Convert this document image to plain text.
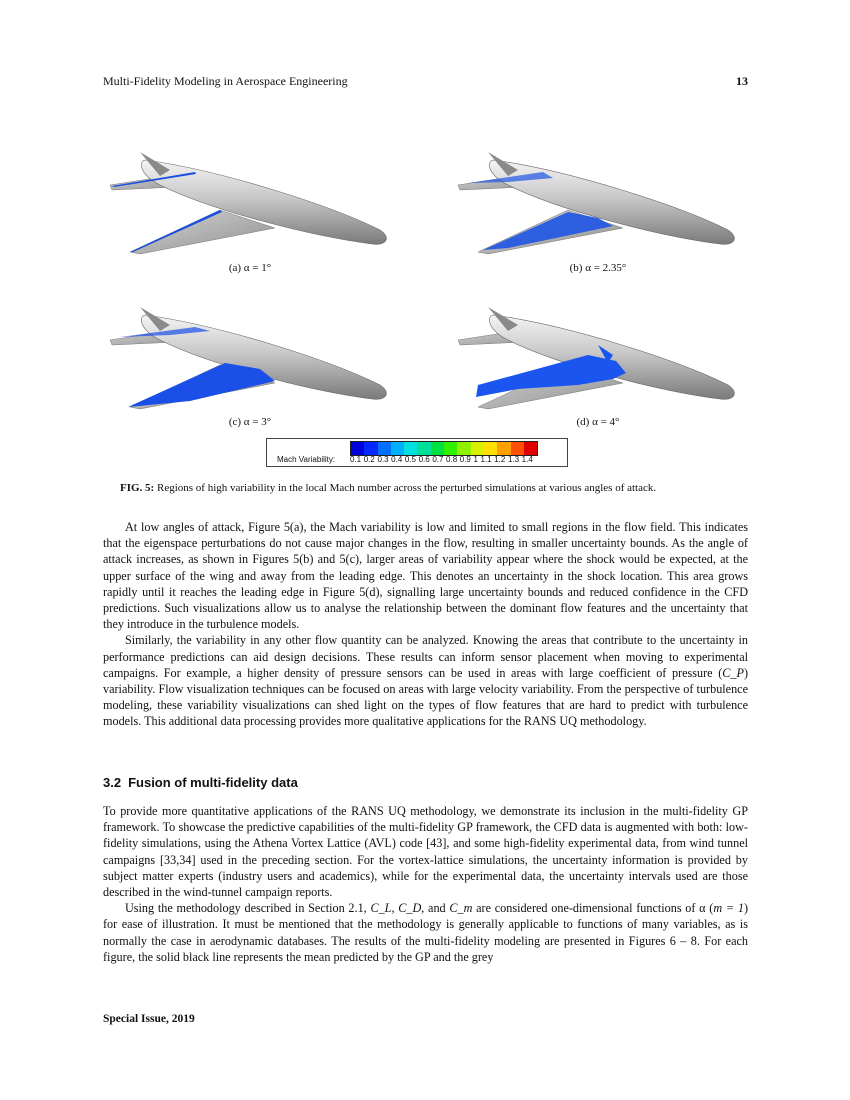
Multi-Fidelity Modeling in Aerospace Engineering	13
(a) α = 1°	(b) α = 2.35°
(c) α = 3°	(d) α = 4°
Mach Variability: 0.1 0.2 0.3 0.4 0.5 0.6 0.7 0.8 0.9 1 1.1 1.2 1.3 1.4
FIG. 5: Regions of high variability in the local Mach number across the perturbed simulations at various angles of attack.

At low angles of attack, Figure 5(a), the Mach variability is low and limited to small regions in the flow field. This indicates that the eigenspace perturbations do not cause major changes in the flow, resulting in smaller uncertainty bounds. As the angle of attack increases, as shown in Figures 5(b) and 5(c), larger areas of variability appear where the shock would be expected, at the upper surface of the wing and away from the leading edge. This denotes an uncertainty in the shock location. This area grows rapidly until it reaches the leading edge in Figure 5(d), signalling large uncertainty bounds and reduced confidence in the CFD predictions. Such visualizations allow us to analyse the relationship between the dominant flow features and the uncertainty that they introduce in the turbulence models.

Similarly, the variability in any other flow quantity can be analyzed. Knowing the areas that contribute to the uncertainty in performance predictions can aid design decisions. These results can inform sensor placement when moving to experimental campaigns. For example, a higher density of pressure sensors can be used in areas with large coefficient of pressure (C_P) variability. Flow visualization techniques can be focused on areas with large velocity variability. From the perspective of turbulence modeling, these variability visualizations can shed light on the types of flow features that are hard to predict with turbulence models. This additional data processing provides more qualitative applications for the RANS UQ methodology.

3.2 Fusion of multi-fidelity data

To provide more quantitative applications of the RANS UQ methodology, we demonstrate its inclusion in the multi-fidelity GP framework. To showcase the predictive capabilities of the multi-fidelity GP framework, the CFD data is augmented with both: low-fidelity simulations, using the Athena Vortex Lattice (AVL) code [43], and some high-fidelity experimental data, from wind tunnel campaigns [33,34] used in the preceding section. For the vortex-lattice simulations, the uncertainty information is provided by subject matter experts (industry users and academics), while for the experimental data, the uncertainty intervals used are those described in the wind-tunnel campaign reports.

Using the methodology described in Section 2.1, C_L, C_D, and C_m are considered one-dimensional functions of α (m = 1) for ease of illustration. It must be mentioned that the methodology is generally applicable to functions of many variables, as is normally the case in aerodynamic databases. The results of the multi-fidelity modeling are presented in Figures 6 – 8. For each figure, the solid black line represents the mean predicted by the GP and the grey

Special Issue, 2019
